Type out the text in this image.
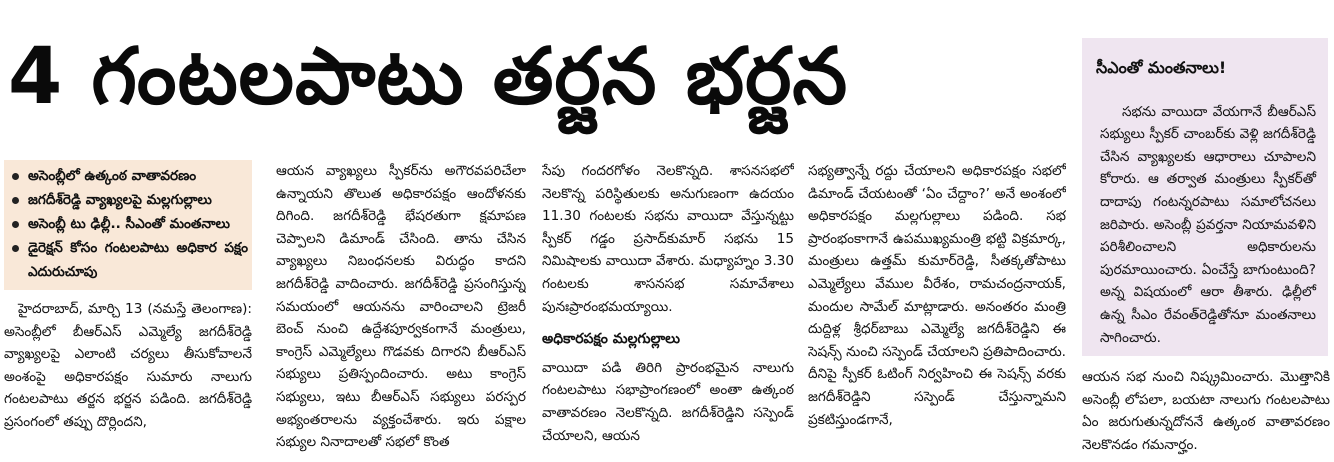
4 గంటలపాటు తర్జన భర్జన	సీఎంతో మంతనాలు!

సభను వాయిదా వేయగానే బీఆర్‌ఎస్ సభ్యులు స్పీకర్ చాంబర్‌కు వెళ్లి జగదీశ్‌రెడ్డి చేసిన వ్యాఖ్యలకు ఆధారాలు చూపాలని కోరారు. ఆ తర్వాత మంత్రులు స్పీకర్‌తో దాదాపు గంటన్నరపాటు సమాలోచనలు జరిపారు. అసెంబ్లీ ప్రవర్తనా నియామవళిని పరిశీలించాలని అధికారులను పురమాయించారు. ఏంచేస్తే బాగుంటుంది? అన్న విషయంలో ఆరా తీశారు. ఢిల్లీలో ఉన్న సీఎం రేవంత్‌రెడ్డితోనూ మంతనాలు సాగించారు.

అసెంబ్లీలో ఉత్కంఠ వాతావరణం
జగదీశ్‌రెడ్డి వ్యాఖ్యలపై మల్లగుల్లాలు
అసెంబ్లీ టు ఢిల్లీ.. సీఎంతో మంతనాలు
డైరెక్షన్ కోసం గంటలపాటు అధికార పక్షం ఎదురుచూపు

హైదరాబాద్, మార్చి 13 (నమస్తే తెలంగాణ): అసెంబ్లీలో బీఆర్‌ఎస్ ఎమ్మెల్యే జగదీశ్‌రెడ్డి వ్యాఖ్యలపై ఎలాంటి చర్యలు తీసుకోవాలనే అంశంపై అధికారపక్షం సుమారు నాలుగు గంటలపాటు తర్జన భర్జన పడింది. జగదీశ్‌రెడ్డి ప్రసంగంలో తప్పు దొర్లిందని,

ఆయన వ్యాఖ్యలు స్పీకర్‌ను అగౌరవపరిచేలా ఉన్నాయని తొలుత అధికారపక్షం ఆందోళనకు దిగింది. జగదీశ్‌రెడ్డి భేషరతుగా క్షమాపణ చెప్పాలని డిమాండ్ చేసింది. తాను చేసిన వ్యాఖ్యలు నిబంధనలకు విరుద్ధం కాదని జగదీశ్‌రెడ్డి వాదించారు. జగదీశ్‌రెడ్డి ప్రసంగిస్తున్న సమయంలో ఆయనను వారించాలని ట్రెజరీ బెంచ్ నుంచి ఉద్దేశపూర్వకంగానే మంత్రులు, కాంగ్రెస్ ఎమ్మెల్యేలు గొడవకు దిగారని బీఆర్‌ఎస్ సభ్యులు ప్రతిస్పందించారు. అటు కాంగ్రెస్ సభ్యులు, ఇటు బీఆర్‌ఎస్ సభ్యులు పరస్పర అభ్యంతరాలను వ్యక్తంచేశారు. ఇరు పక్షాల సభ్యుల నినాదాలతో సభలో కొంత

సేపు గందరగోళం నెలకొన్నది. శాసనసభలో నెలకొన్న పరిస్థితులకు అనుగుణంగా ఉదయం 11.30 గంటలకు సభను వాయిదా వేస్తున్నట్టు స్పీకర్ గడ్డం ప్రసాద్‌కుమార్ సభను 15 నిమిషాలకు వాయిదా వేశారు. మధ్యాహ్నం 3.30 గంటలకు శాసనసభ సమావేశాలు పునఃప్రారంభమయ్యాయి.

అధికారపక్షం మల్లగుల్లాలు

వాయిదా పడి తిరిగి ప్రారంభమైన నాలుగు గంటలపాటు సభాప్రాంగణంలో అంతా ఉత్కంఠ వాతావరణం నెలకొన్నది. జగదీశ్‌రెడ్డిని సస్పెండ్ చేయాలని, ఆయన

సభ్యత్వాన్నే రద్దు చేయాలని అధికారపక్షం సభలో డిమాండ్ చేయటంతో ‘ఏం చేద్దాం?’ అనే అంశంలో అధికారపక్షం మల్లగుల్లాలు పడింది. సభ ప్రారంభంకాగానే ఉపముఖ్యమంత్రి భట్టి విక్రమార్క, మంత్రులు ఉత్తమ్ కుమార్‌రెడ్డి, సీతక్కతోపాటు ఎమ్మెల్యేలు వేముల వీరేశం, రామచంద్రనాయక్, మందుల సామేల్ మాట్లాడారు. అనంతరం మంత్రి దుద్దిళ్ల శ్రీధర్‌బాబు ఎమ్మెల్యే జగదీశ్‌రెడ్డిని ఈ సెషన్స్ నుంచి సస్పెండ్ చేయాలని ప్రతిపాదించారు. దీనిపై స్పీకర్ ఓటింగ్ నిర్వహించి ఈ సెషన్స్ వరకు జగదీశ్‌రెడ్డిని సస్పెండ్ చేస్తున్నామని ప్రకటిస్తుండగానే,

ఆయన సభ నుంచి నిష్క్రమించారు. మొత్తానికి అసెంబ్లీ లోపలా, బయటా నాలుగు గంటలపాటు ఏం జరుగుతున్నదోననే ఉత్కంఠ వాతావరణం నెలకొనడం గమనార్హం.
